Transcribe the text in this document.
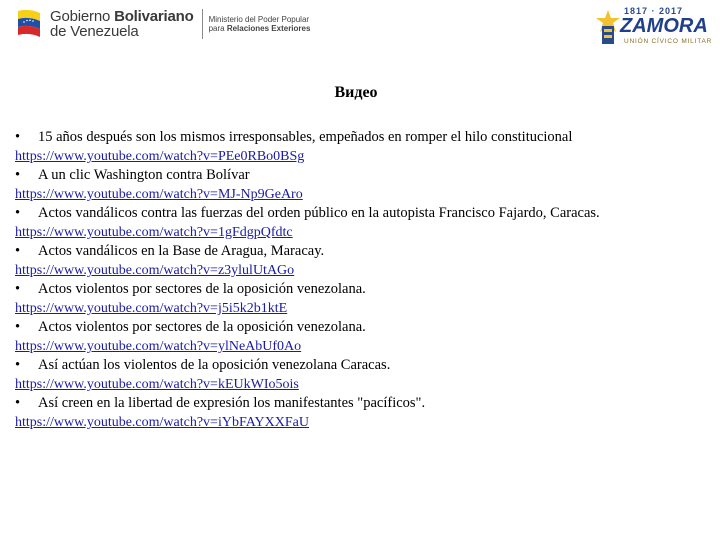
Gobierno Bolivariano
de Venezuela
Ministerio del Poder Popular
para Relaciones Exteriores
1817 · 2017
ZAMORA
UNIÓN CÍVICO MILITAR
Видео
•	15 años después son los mismos irresponsables, empeñados en romper el hilo constitucional
https://www.youtube.com/watch?v=PEe0RBo0BSg
•	A un clic Washington contra Bolívar
https://www.youtube.com/watch?v=MJ-Np9GeAro
•	Actos vandálicos contra las fuerzas del orden público en la autopista Francisco Fajardo, Caracas.
https://www.youtube.com/watch?v=1gFdgpQfdtc
•	Actos vandálicos en la Base de Aragua, Maracay.
https://www.youtube.com/watch?v=z3ylulUtAGo
•	Actos violentos por sectores de la oposición venezolana.
https://www.youtube.com/watch?v=j5i5k2b1ktE
•	Actos violentos por sectores de la oposición venezolana.
https://www.youtube.com/watch?v=ylNeAbUf0Ao
•	Así actúan los violentos de la oposición venezolana Caracas.
https://www.youtube.com/watch?v=kEUkWIo5ois
•	Así creen en la libertad de expresión los manifestantes "pacíficos".
https://www.youtube.com/watch?v=iYbFAYXXFaU
